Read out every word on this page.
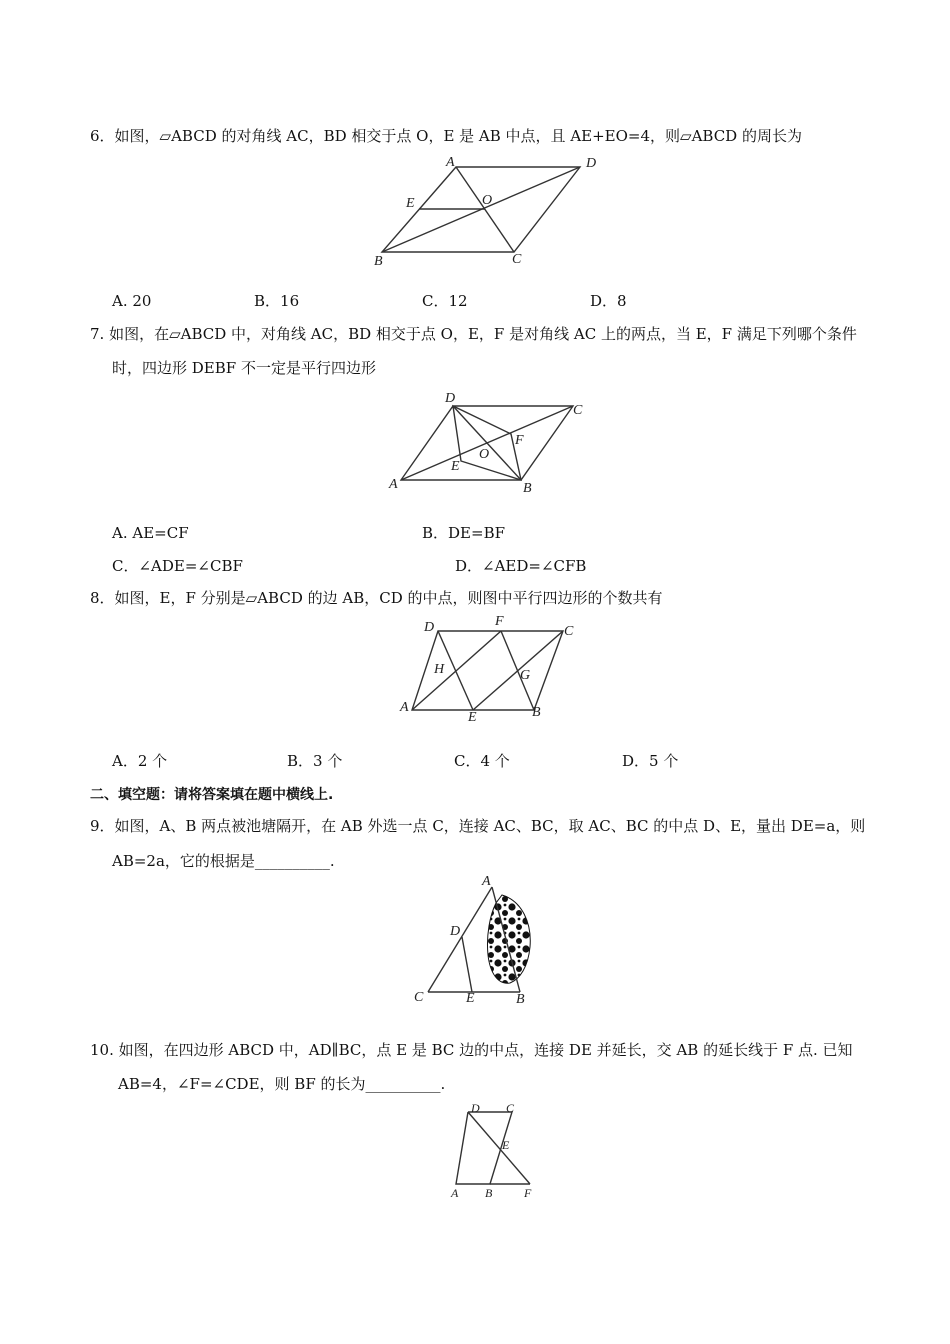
6．如图，▱ABCD 的对角线 AC，BD 相交于点 O，E 是 AB 中点，且 AE+EO=4，则▱ABCD 的周长为
A	D
E	O
B	C
A. 20	B．16	C．12	D．8
7. 如图，在▱ABCD 中，对角线 AC，BD 相交于点 O，E，F 是对角线 AC 上的两点，当 E，F 满足下列哪个条件
时，四边形 DEBF 不一定是平行四边形
D
C
F
O
E
A	B
A. AE=CF	B．DE=BF
C．∠ADE=∠CBF	D．∠AED=∠CFB
8．如图，E，F 分别是▱ABCD 的边 AB，CD 的中点，则图中平行四边形的个数共有
D	F
C
H	G
A
E	B
A．2 个	B．3 个	C．4 个	D．5 个
二、填空题：请将答案填在题中横线上.
9．如图，A、B 两点被池塘隔开，在 AB 外选一点 C，连接 AC、BC，取 AC、BC 的中点 D、E，量出 DE=a，则
AB=2a，它的根据是__________.
A
D
C	E	B
10. 如图，在四边形 ABCD 中，AD∥BC，点 E 是 BC 边的中点，连接 DE 并延长，交 AB 的延长线于 F 点. 已知
AB=4，∠F=∠CDE，则 BF 的长为__________.
D C
E
A B	F
